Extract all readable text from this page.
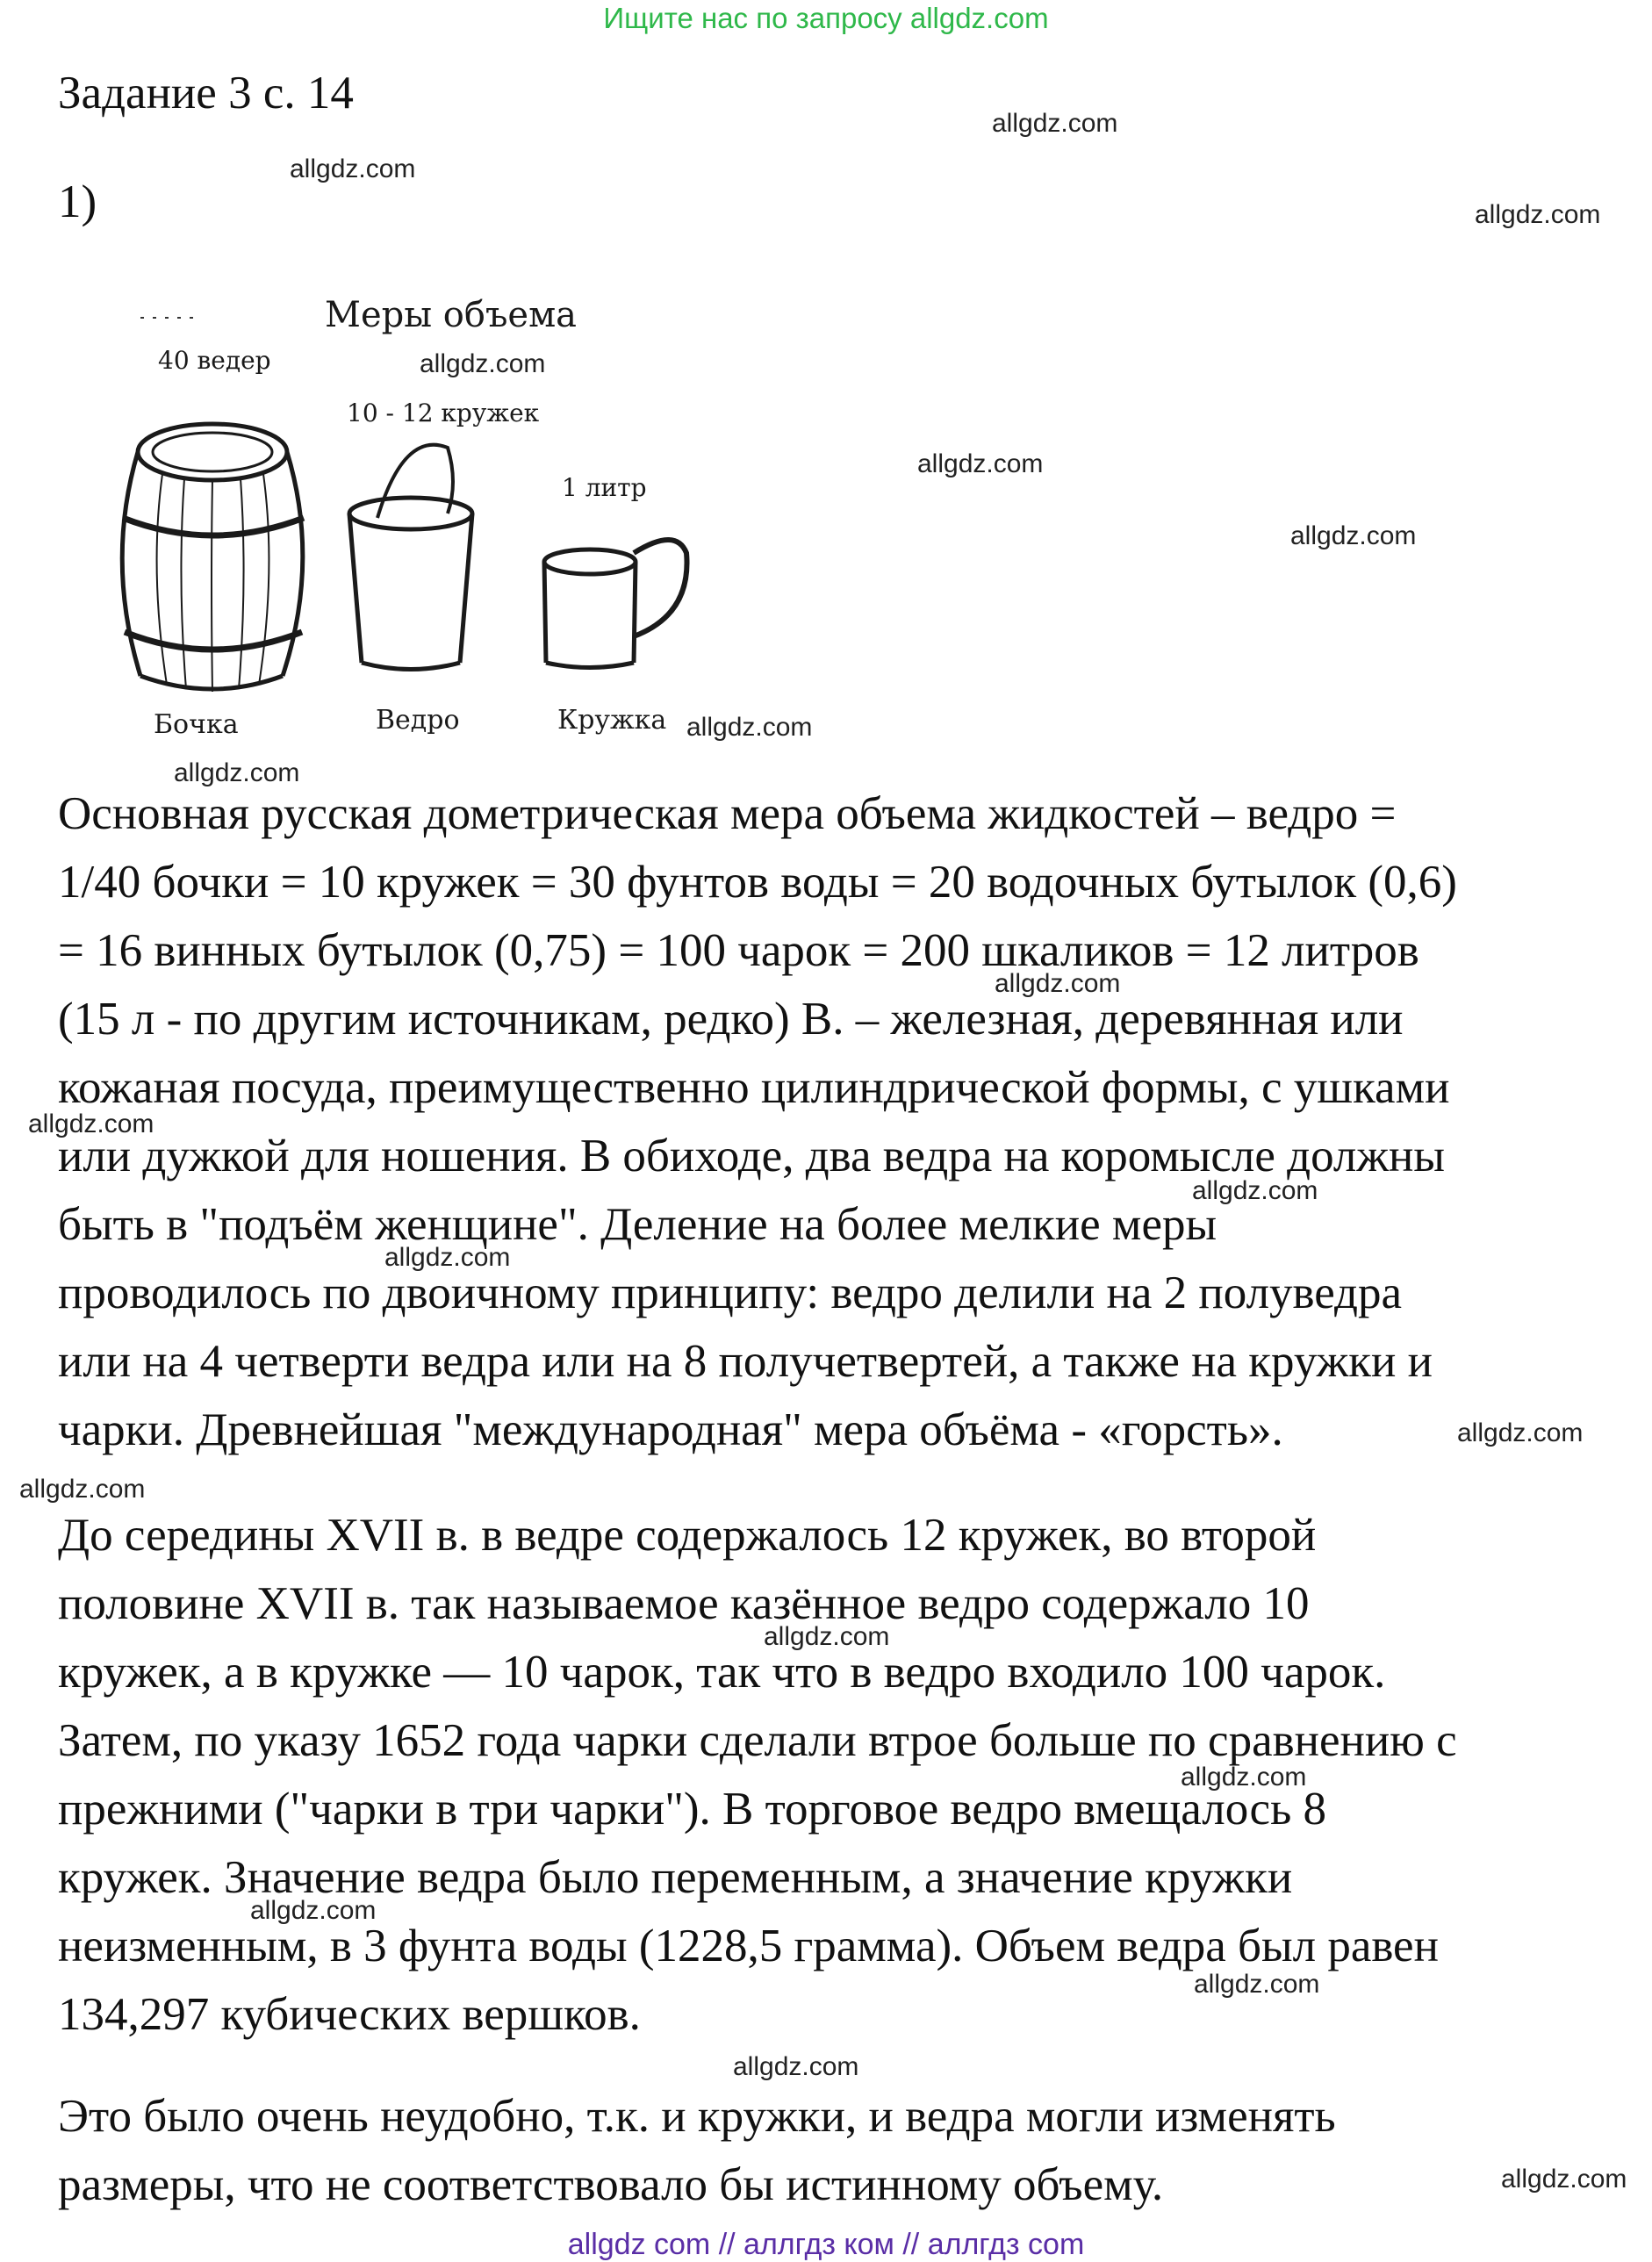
Ищите нас по запросу allgdz.com
Задание 3 с. 14
1)
Меры объема
40 ведер
10 - 12 кружек
1 литр
Бочка	Ведро	Кружка

Основная русская дометрическая мера объема жидкостей – ведро =
1/40 бочки = 10 кружек = 30 фунтов воды = 20 водочных бутылок (0,6)
= 16 винных бутылок (0,75) = 100 чарок = 200 шкаликов = 12 литров
(15 л - по другим источникам, редко) В. – железная, деревянная или
кожаная посуда, преимущественно цилиндрической формы, с ушками
или дужкой для ношения. В обиходе, два ведра на коромысле должны
быть в "подъём женщине". Деление на более мелкие меры
проводилось по двоичному принципу: ведро делили на 2 полуведра
или на 4 четверти ведра или на 8 получетвертей, а также на кружки и
чарки. Древнейшая "международная" мера объёма - «горсть».

До середины XVII в. в ведре содержалось 12 кружек, во второй
половине XVII в. так называемое казённое ведро содержало 10
кружек, а в кружке — 10 чарок, так что в ведро входило 100 чарок.
Затем, по указу 1652 года чарки сделали втрое больше по сравнению с
прежними ("чарки в три чарки"). В торговое ведро вмещалось 8
кружек. Значение ведра было переменным, а значение кружки
неизменным, в 3 фунта воды (1228,5 грамма). Объем ведра был равен
134,297 кубических вершков.

Это было очень неудобно, т.к. и кружки, и ведра могли изменять
размеры, что не соответствовало бы истинному объему.

allgdz.com
allgdz.com
allgdz.com
allgdz.com
allgdz.com
allgdz.com
allgdz.com
allgdz.com
allgdz.com
allgdz.com
allgdz.com
allgdz.com
allgdz.com
allgdz.com
allgdz.com
allgdz.com
allgdz.com
allgdz.com
allgdz.com
allgdz.com
allgdz com // аллгдз ком // аллгдз com
